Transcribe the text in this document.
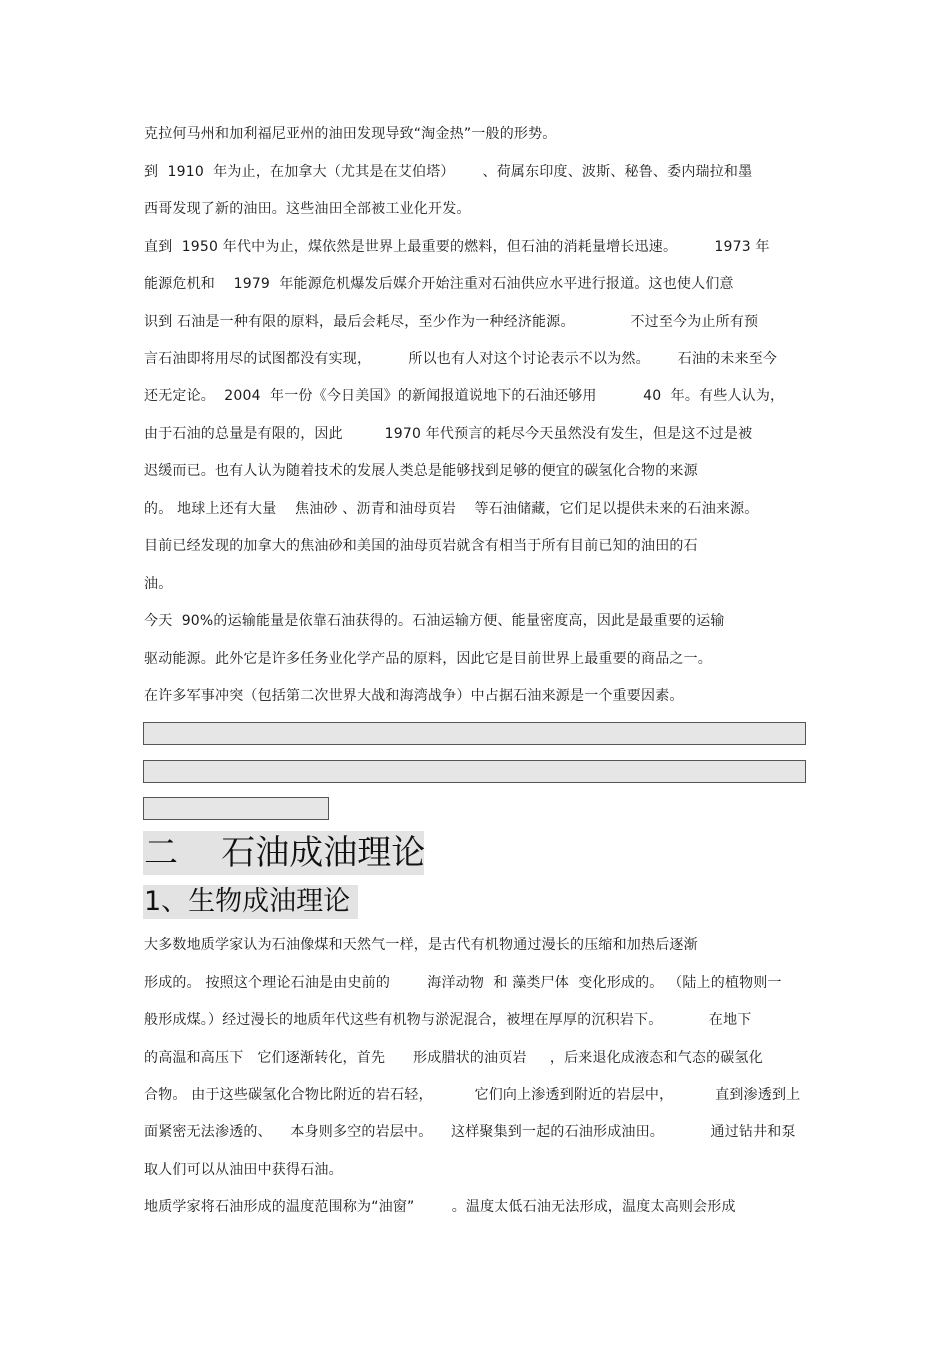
克拉何马州和加利福尼亚州的油田发现导致“淘金热”一般的形势。
到  1910  年为止，在加拿大（尤其是在艾伯塔）      、荷属东印度、波斯、秘鲁、委内瑞拉和墨
西哥发现了新的油田。这些油田全部被工业化开发。
直到  1950 年代中为止，煤依然是世界上最重要的燃料，但石油的消耗量增长迅速。        1973 年
能源危机和    1979  年能源危机爆发后媒介开始注重对石油供应水平进行报道。这也使人们意
识到 石油是一种有限的原料，最后会耗尽，至少作为一种经济能源。            不过至今为止所有预
言石油即将用尽的试图都没有实现，        所以也有人对这个讨论表示不以为然。      石油的未来至今
还无定论。  2004  年一份《今日美国》的新闻报道说地下的石油还够用          40  年。有些人认为，
由于石油的总量是有限的，因此         1970 年代预言的耗尽今天虽然没有发生，但是这不过是被
迟缓而已。也有人认为随着技术的发展人类总是能够找到足够的便宜的碳氢化合物的来源
的。 地球上还有大量    焦油砂 、沥青和油母页岩    等石油储藏，它们足以提供未来的石油来源。
目前已经发现的加拿大的焦油砂和美国的油母页岩就含有相当于所有目前已知的油田的石
油。
今天  90%的运输能量是依靠石油获得的。石油运输方便、能量密度高，因此是最重要的运输
驱动能源。此外它是许多任务业化学产品的原料，因此它是目前世界上最重要的商品之一。
在许多军事冲突（包括第二次世界大战和海湾战争）中占据石油来源是一个重要因素。
二    石油成油理论
1、生物成油理论
大多数地质学家认为石油像煤和天然气一样，是古代有机物通过漫长的压缩和加热后逐渐
形成的。 按照这个理论石油是由史前的        海洋动物  和 藻类尸体  变化形成的。 （陆上的植物则一
般形成煤。）经过漫长的地质年代这些有机物与淤泥混合，被埋在厚厚的沉积岩下。          在地下
的高温和高压下   它们逐渐转化，首先      形成腊状的油页岩     ，后来退化成液态和气态的碳氢化
合物。 由于这些碳氢化合物比附近的岩石轻，         它们向上渗透到附近的岩层中，         直到渗透到上
面紧密无法渗透的、    本身则多空的岩层中。    这样聚集到一起的石油形成油田。          通过钻井和泵
取人们可以从油田中获得石油。
地质学家将石油形成的温度范围称为“油窗”        。温度太低石油无法形成，温度太高则会形成
